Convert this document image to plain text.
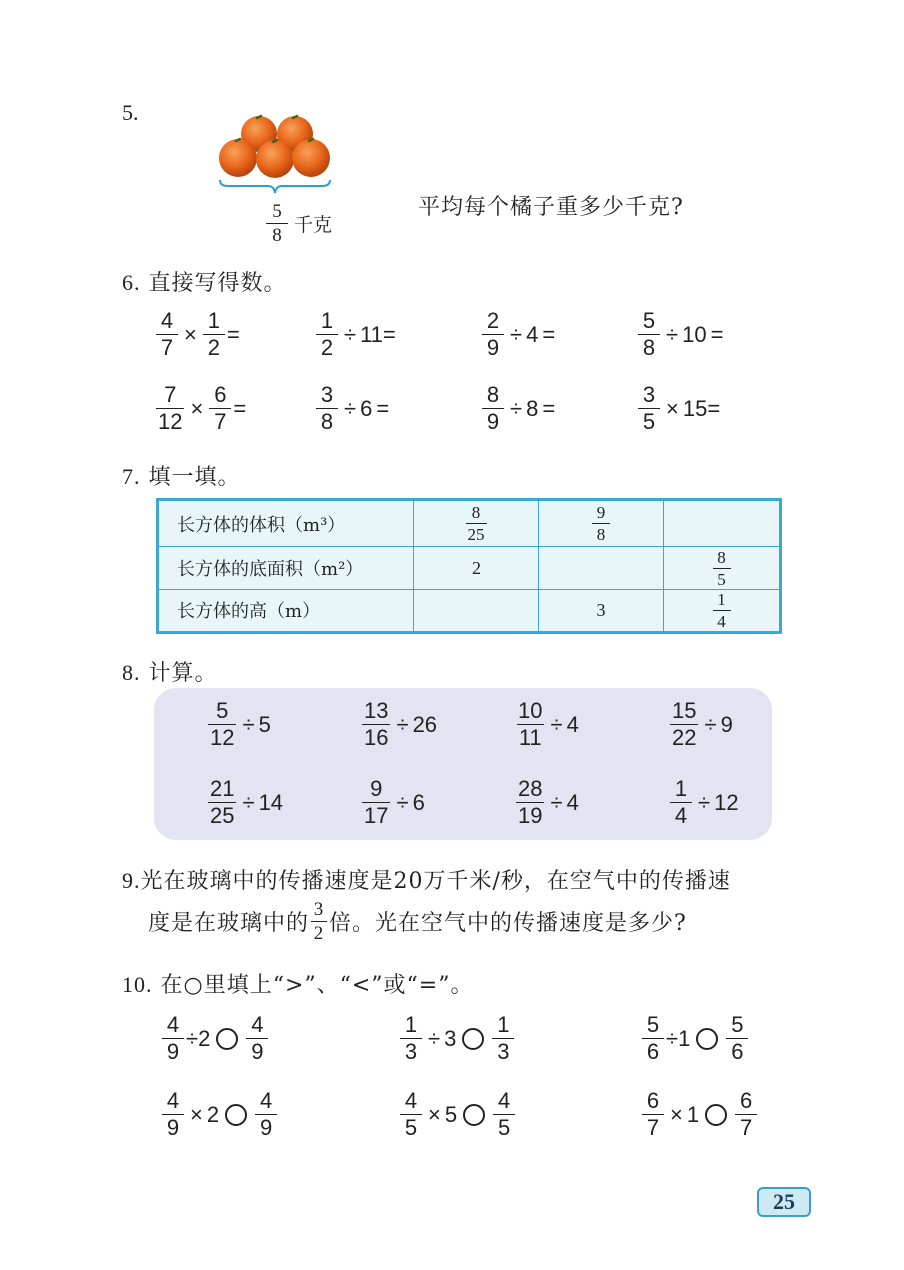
5.
$\frac{5}{8}$ 千克
平均每个橘子重多少千克?
6. 直接写得数。
$\frac{4}{7} \times \frac{1}{2}$ =	$\frac{1}{2} \div 11$ =	$\frac{2}{9} \div 4$ =	$\frac{5}{8} \div 10$ =
$\frac{7}{12} \times \frac{6}{7}$ =	$\frac{3}{8} \div 6$ =	$\frac{8}{9} \div 8$ =	$\frac{3}{5} \times 15$ =
7. 填一填。
长方体的体积（m³）	$\frac{8}{25}$	$\frac{9}{8}$

长方体的底面积（m²）	2		$\frac{8}{5}$

长方体的高（m）		3	$\frac{1}{4}$
8. 计算。
$\frac{5}{12} \div 5$	$\frac{13}{16} \div 26$	$\frac{10}{11} \div 4$	$\frac{15}{22} \div 9$
$\frac{21}{25} \div 14$	$\frac{9}{17} \div 6$	$\frac{28}{19} \div 4$	$\frac{1}{4} \div 12$
9.光在玻璃中的传播速度是20万千米/秒，在空气中的传播速
度是在玻璃中的 $\frac{3}{2}$ 倍。光在空气中的传播速度是多少?
10. 在○里填上“>”、“<”或“=”。
$\frac{4}{9} \div 2 \frac{4}{9}$	$\frac{1}{3} \div 3 \frac{1}{3}$	$\frac{5}{6} \div 1 \frac{5}{6}$
$\frac{4}{9} \times 2 \frac{4}{9}$	$\frac{4}{5} \times 5 \frac{4}{5}$	$\frac{6}{7} \times 1 \frac{6}{7}$
25
